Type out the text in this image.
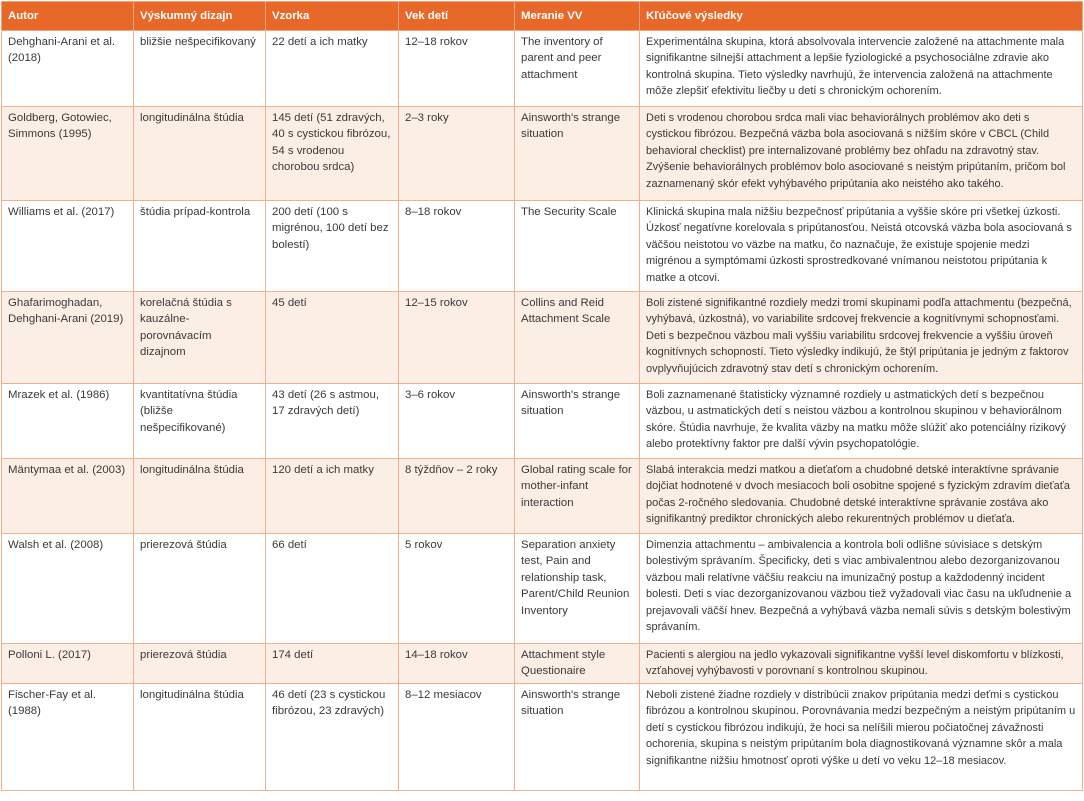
Autor	Výskumný dizajn	Vzorka	Vek detí	Meranie VV	Kľúčové výsledky
Dehghani-Arani et al. (2018)	bližšie nešpecifikovaný	22 detí a ich matky	12–18 rokov	The inventory of parent and peer attachment	Experimentálna skupina, ktorá absolvovala intervencie založené na attachmente mala signifikantne silnejší attachment a lepšie fyziologické a psychosociálne zdravie ako kontrolná skupina. Tieto výsledky navrhujú, že intervencia založená na attachmente môže zlepšiť efektivitu liečby u detí s chronickým ochorením.
Goldberg, Gotowiec, Simmons (1995)	longitudinálna štúdia	145 detí (51 zdravých, 40 s cystickou fibrózou, 54 s vrodenou chorobou srdca)	2–3 roky	Ainsworth's strange situation	Deti s vrodenou chorobou srdca mali viac behaviorálnych problémov ako deti s cystickou fibrózou. Bezpečná väzba bola asociovaná s nižším skóre v CBCL (Child behavioral checklist) pre internalizované problémy bez ohľadu na zdravotný stav. Zvýšenie behaviorálnych problémov bolo asociované s neistým pripútaním, pričom bol zaznamenaný skór efekt vyhýbavého pripútania ako neistého ako takého.
Williams et al. (2017)	štúdia prípad-kontrola	200 detí (100 s migrénou, 100 detí bez bolestí)	8–18 rokov	The Security Scale	Klinická skupina mala nižšiu bezpečnosť pripútania a vyššie skóre pri všetkej úzkosti. Úzkosť negatívne korelovala s pripútanosťou. Neistá otcovská väzba bola asociovaná s väčšou neistotou vo väzbe na matku, čo naznačuje, že existuje spojenie medzi migrénou a symptómami úzkosti sprostredkované vnímanou neistotou pripútania k matke a otcovi.
Ghafarimoghadan, Dehghani-Arani (2019)	korelačná štúdia s kauzálne-porovnávacím dizajnom	45 detí	12–15 rokov	Collins and Reid Attachment Scale	Boli zistené signifikantné rozdiely medzi tromi skupinami podľa attachmentu (bezpečná, vyhýbavá, úzkostná), vo variabilite srdcovej frekvencie a kognitívnymi schopnosťami. Deti s bezpečnou väzbou mali vyššiu variabilitu srdcovej frekvencie a vyššiu úroveň kognitívnych schopností. Tieto výsledky indikujú, že štýl pripútania je jedným z faktorov ovplyvňujúcich zdravotný stav detí s chronickým ochorením.
Mrazek et al. (1986)	kvantitatívna štúdia (bližše nešpecifikované)	43 detí (26 s astmou, 17 zdravých detí)	3–6 rokov	Ainsworth's strange situation	Boli zaznamenané štatisticky významné rozdiely u astmatických detí s bezpečnou väzbou, u astmatických detí s neistou väzbou a kontrolnou skupinou v behaviorálnom skóre. Štúdia navrhuje, že kvalita väzby na matku môže slúžiť ako potenciálny rizikový alebo protektívny faktor pre další vývin psychopatológie.
Mäntymaa et al. (2003)	longitudinálna štúdia	120 detí a ich matky	8 týždňov – 2 roky	Global rating scale for mother-infant interaction	Slabá interakcia medzi matkou a dieťaťom a chudobné detské interaktívne správanie dojčiat hodnotené v dvoch mesiacoch boli osobitne spojené s fyzickým zdravím dieťaťa počas 2-ročného sledovania. Chudobné detské interaktívne správanie zostáva ako signifikantný prediktor chronických alebo rekurentných problémov u dieťaťa.
Walsh et al. (2008)	prierezová štúdia	66 detí	5 rokov	Separation anxiety test, Pain and relationship task, Parent/Child Reunion Inventory	Dimenzia attachmentu – ambivalencia a kontrola boli odlišne súvisiace s detským bolestivým správaním. Špecificky, deti s viac ambivalentnou alebo dezorganizovanou väzbou mali relatívne väčšiu reakciu na imunizačný postup a každodenný incident bolesti. Deti s viac dezorganizovanou väzbou tiež vyžadovali viac času na ukľudnenie a prejavovali väčší hnev. Bezpečná a vyhýbavá väzba nemali súvis s detským bolestivým správaním.
Polloni L. (2017)	prierezová štúdia	174 detí	14–18 rokov	Attachment style Questionaire	Pacienti s alergiou na jedlo vykazovali signifikantne vyšší level diskomfortu v blízkosti, vzťahovej vyhýbavosti v porovnaní s kontrolnou skupinou.
Fischer-Fay et al. (1988)	longitudinálna štúdia	46 detí (23 s cystickou fibrózou, 23 zdravých)	8–12 mesiacov	Ainsworth's strange situation	Neboli zistené žiadne rozdiely v distribúcii znakov pripútania medzi deťmi s cystickou fibrózou a kontrolnou skupinou. Porovnávania medzi bezpečným a neistým pripútaním u detí s cystickou fibrózou indikujú, že hoci sa nelíšili mierou počiatočnej závažnosti ochorenia, skupina s neistým pripútaním bola diagnostikovaná významne skôr a mala signifikantne nižšiu hmotnosť oproti výške u detí vo veku 12–18 mesiacov.
